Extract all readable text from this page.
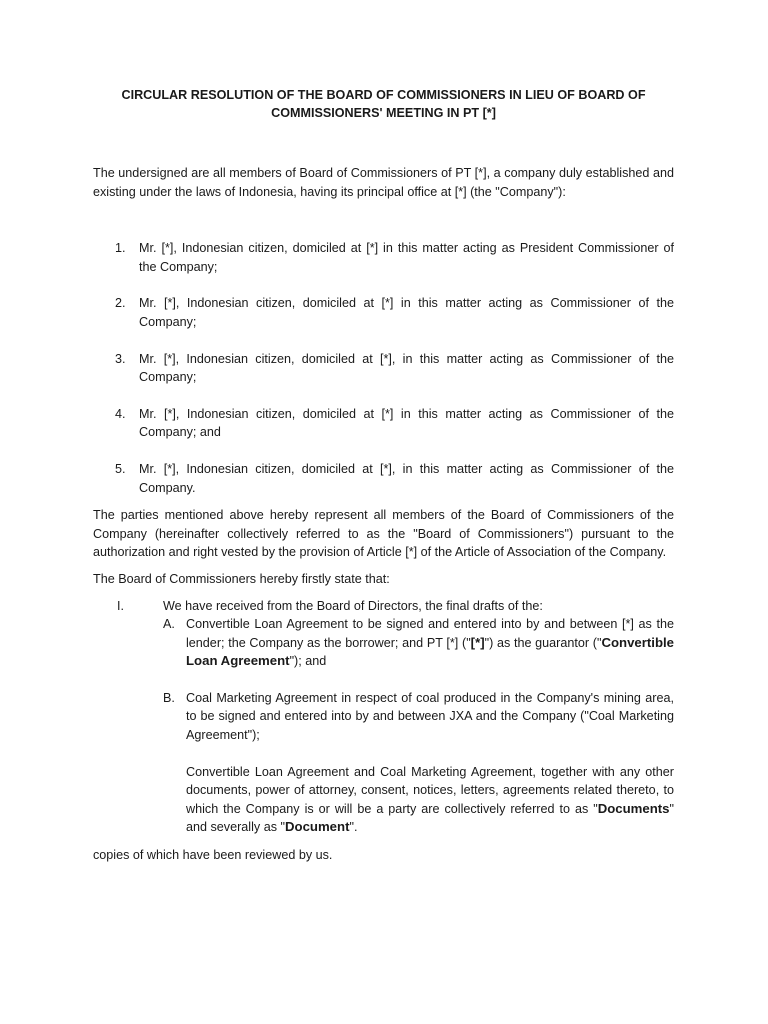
CIRCULAR RESOLUTION OF THE BOARD OF COMMISSIONERS IN LIEU OF BOARD OF
COMMISSIONERS' MEETING IN PT [*]

The undersigned are all members of Board of Commissioners of PT [*], a company duly established and existing under the laws of Indonesia, having its principal office at [*] (the "Company"):

1. Mr. [*], Indonesian citizen, domiciled at [*] in this matter acting as President Commissioner of the Company;
2. Mr. [*], Indonesian citizen, domiciled at [*] in this matter acting as Commissioner of the Company;
3. Mr. [*], Indonesian citizen, domiciled at [*], in this matter acting as Commissioner of the Company;
4. Mr. [*], Indonesian citizen, domiciled at [*] in this matter acting as Commissioner of the Company; and
5. Mr. [*], Indonesian citizen, domiciled at [*], in this matter acting as Commissioner of the Company.

The parties mentioned above hereby represent all members of the Board of Commissioners of the Company (hereinafter collectively referred to as the "Board of Commissioners") pursuant to the authorization and right vested by the provision of Article [*] of the Article of Association of the Company.

The Board of Commissioners hereby firstly state that:

I.	We have received from the Board of Directors, the final drafts of the:
A. Convertible Loan Agreement to be signed and entered into by and between [*] as the lender; the Company as the borrower; and PT [*] ("[*]") as the guarantor ("Convertible Loan Agreement"); and
B. Coal Marketing Agreement in respect of coal produced in the Company's mining area, to be signed and entered into by and between JXA and the Company ("Coal Marketing Agreement");
Convertible Loan Agreement and Coal Marketing Agreement, together with any other documents, power of attorney, consent, notices, letters, agreements related thereto, to which the Company is or will be a party are collectively referred to as "Documents" and severally as "Document".

copies of which have been reviewed by us.
